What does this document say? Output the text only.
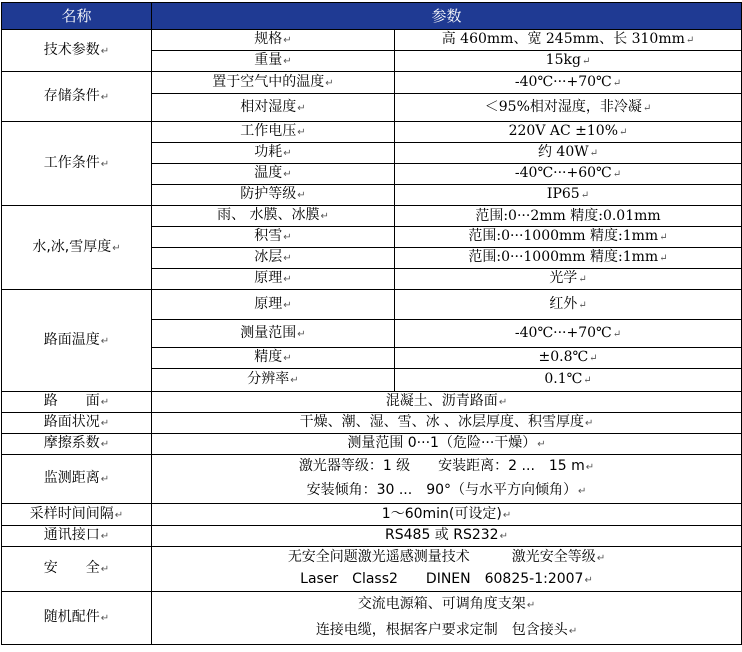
名称	参数	
技术参数↵	规格↵	高 460mm、宽 245mm、长 310mm↵
	重量↵	15kg↵
存储条件↵	置于空气中的温度↵	-40℃···+70℃↵
	相对湿度↵	＜95%相对湿度，非冷凝↵
工作条件↵	工作电压↵	220V AC ±10%↵
	功耗↵	约 40W↵
	温度↵	-40℃···+60℃↵
	防护等级↵	IP65↵
水,冰,雪厚度↵	雨、 水膜、冰膜↵	范围:0···2mm 精度:0.01mm
	积雪↵	范围:0···1000mm 精度:1mm↵
	冰层↵	范围:0···1000mm 精度:1mm↵
	原理↵	光学↵
路面温度↵	原理↵	红外↵
	测量范围↵	-40℃···+70℃↵
	精度↵	±0.8℃↵
	分辨率↵	0.1℃↵
路　　面↵	混凝土、沥青路面↵	
路面状况↵	干燥、潮、湿、雪、冰 、冰层厚度、积雪厚度↵	
摩擦系数↵	测量范围 0···1（危险···干燥）↵	
监测距离↵	激光器等级：1 级　　安装距离：2 ...　15 m↵
安装倾角：30 ...　90°（与水平方向倾角）↵	

采样时间间隔↵	1～60min(可设定)↵	
通讯接口↵	RS485 或 RS232↵	
安　　全↵	无安全问题激光遥感测量技术　　　激光安全等级↵
Laser　Class2　　DINEN　60825-1:2007↵	

随机配件↵	交流电源箱、可调角度支架↵
连接电缆，根据客户要求定制　包含接头↵	
